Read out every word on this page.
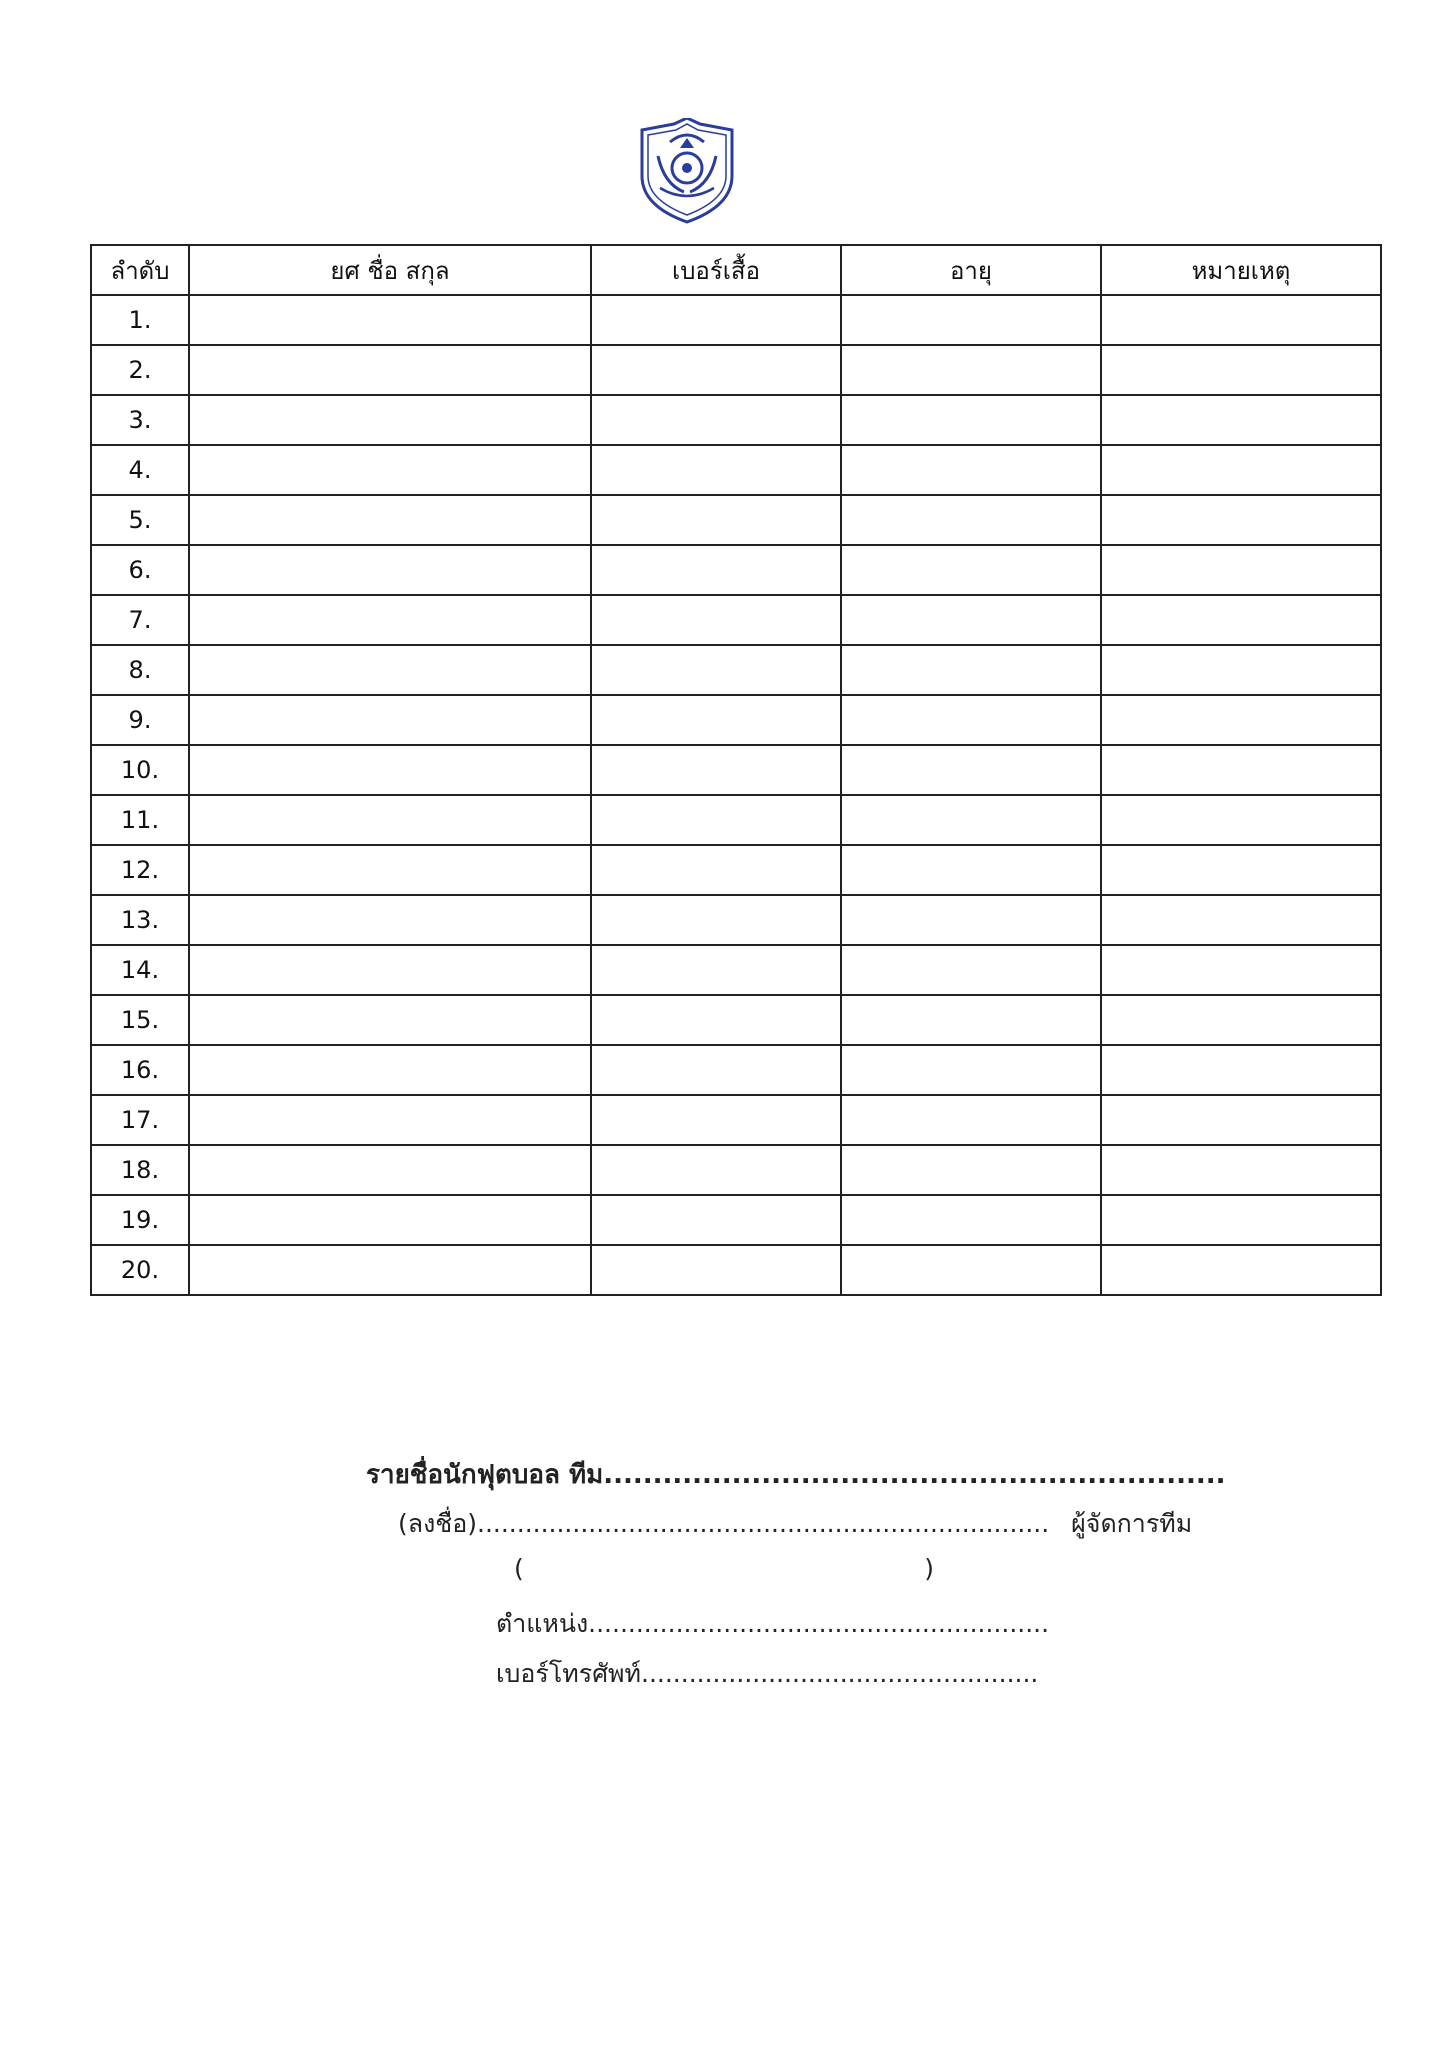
ลำดับ	ยศ ชื่อ สกุล	เบอร์เสื้อ	อายุ	หมายเหตุ
1.				
2.				
3.				
4.				
5.				
6.				
7.				
8.				
9.				
10.				
11.				
12.				
13.				
14.				
15.				
16.				
17.				
18.				
19.				
20.				
รายชื่อนักฟุตบอล ทีม...............................................................
(ลงชื่อ)........................................................................ ผู้จัดการทีม
(	)
ตำแหน่ง..........................................................
เบอร์โทรศัพท์..................................................
